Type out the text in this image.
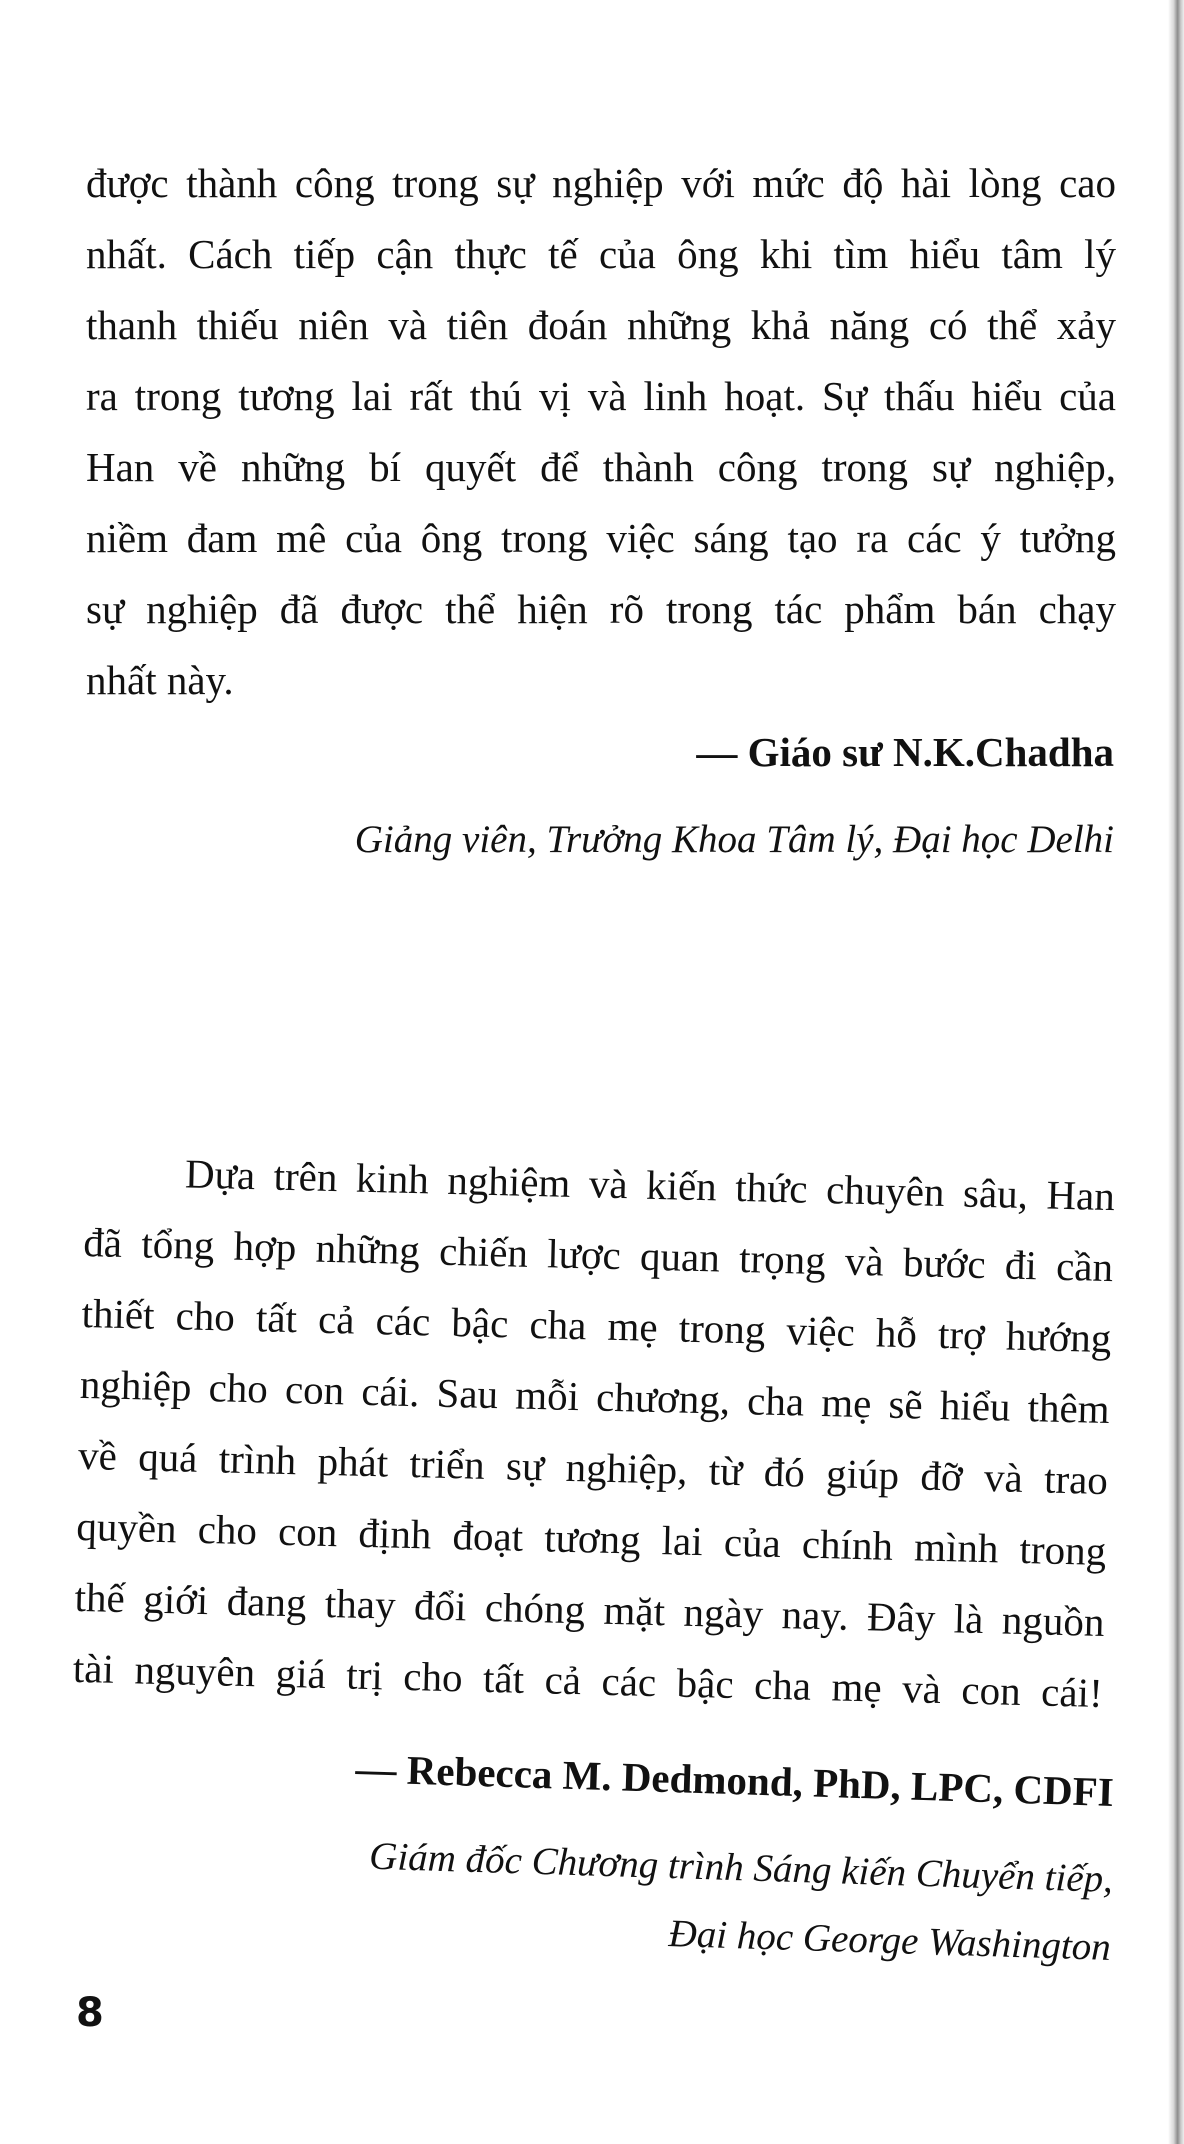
được thành công trong sự nghiệp với mức độ hài lòng cao
nhất. Cách tiếp cận thực tế của ông khi tìm hiểu tâm lý
thanh thiếu niên và tiên đoán những khả năng có thể xảy
ra trong tương lai rất thú vị và linh hoạt. Sự thấu hiểu của
Han về những bí quyết để thành công trong sự nghiệp,
niềm đam mê của ông trong việc sáng tạo ra các ý tưởng
sự nghiệp đã được thể hiện rõ trong tác phẩm bán chạy
nhất này.

— Giáo sư N.K.Chadha

Giảng viên, Trưởng Khoa Tâm lý, Đại học Delhi

Dựa trên kinh nghiệm và kiến thức chuyên sâu, Han
đã tổng hợp những chiến lược quan trọng và bước đi cần
thiết cho tất cả các bậc cha mẹ trong việc hỗ trợ hướng
nghiệp cho con cái. Sau mỗi chương, cha mẹ sẽ hiểu thêm
về quá trình phát triển sự nghiệp, từ đó giúp đỡ và trao
quyền cho con định đoạt tương lai của chính mình trong
thế giới đang thay đổi chóng mặt ngày nay. Đây là nguồn
tài nguyên giá trị cho tất cả các bậc cha mẹ và con cái!

— Rebecca M. Dedmond, PhD, LPC, CDFI

Giám đốc Chương trình Sáng kiến Chuyển tiếp,
Đại học George Washington

8
